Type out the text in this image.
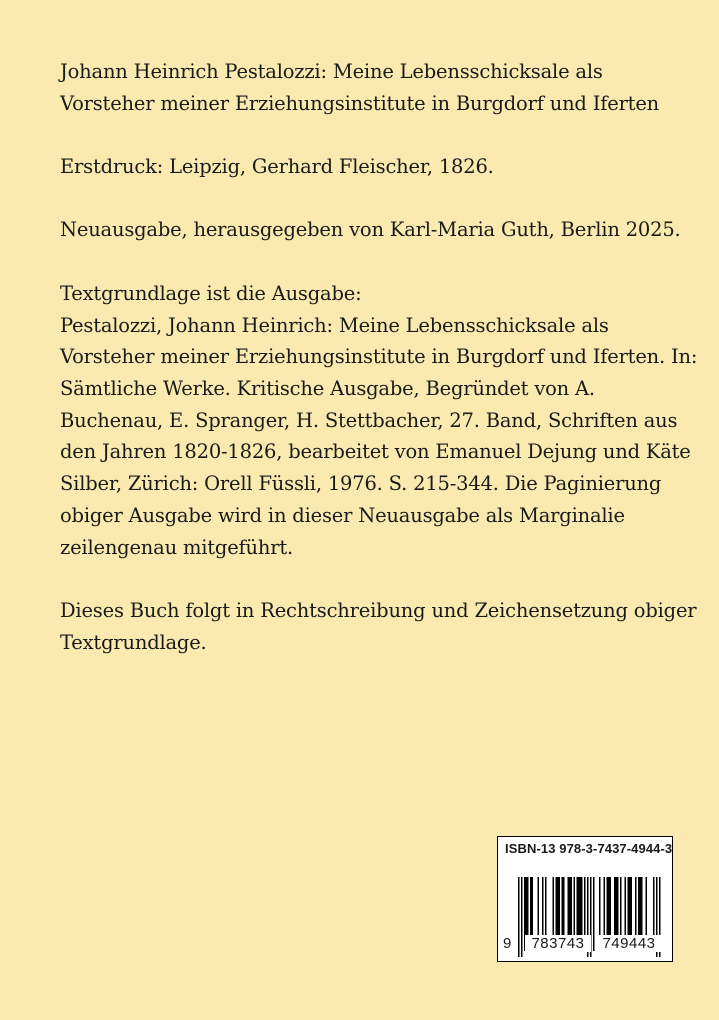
Johann Heinrich Pestalozzi: Meine Lebensschicksale als
Vorsteher meiner Erziehungsinstitute in Burgdorf und Iferten

Erstdruck: Leipzig, Gerhard Fleischer, 1826.

Neuausgabe, herausgegeben von Karl-Maria Guth, Berlin 2025.

Textgrundlage ist die Ausgabe:
Pestalozzi, Johann Heinrich: Meine Lebensschicksale als
Vorsteher meiner Erziehungsinstitute in Burgdorf und Iferten. In:
Sämtliche Werke. Kritische Ausgabe, Begründet von A.
Buchenau, E. Spranger, H. Stettbacher, 27. Band, Schriften aus
den Jahren 1820-1826, bearbeitet von Emanuel Dejung und Käte
Silber, Zürich: Orell Füssli, 1976. S. 215-344. Die Paginierung
obiger Ausgabe wird in dieser Neuausgabe als Marginalie
zeilengenau mitgeführt.

Dieses Buch folgt in Rechtschreibung und Zeichensetzung obiger
Textgrundlage.

ISBN-13 978-3-7437-4944-3
9	783743	749443
